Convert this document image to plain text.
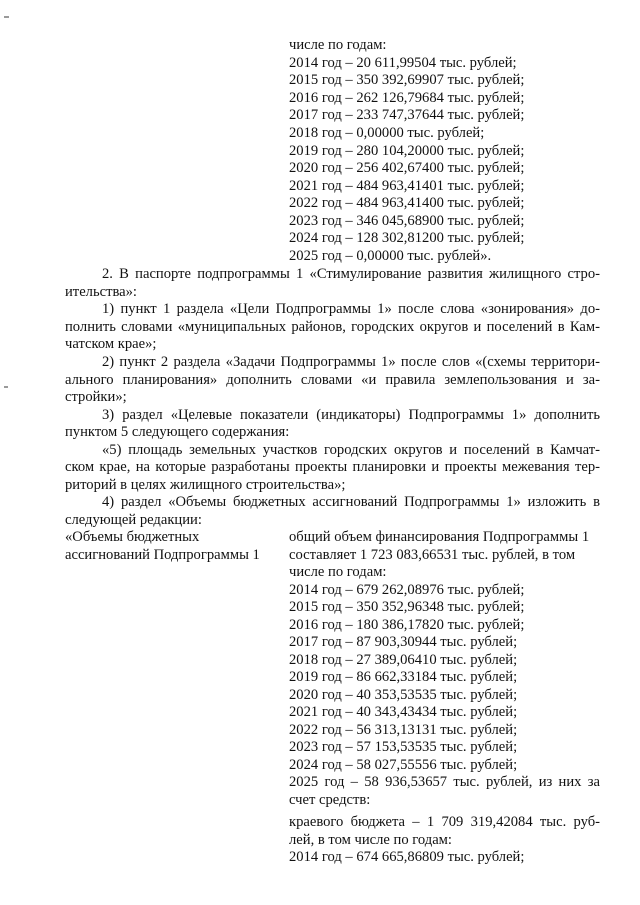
числе по годам:
2014 год – 20 611,99504 тыс. рублей;
2015 год – 350 392,69907 тыс. рублей;
2016 год – 262 126,79684 тыс. рублей;
2017 год – 233 747,37644 тыс. рублей;
2018 год – 0,00000 тыс. рублей;
2019 год – 280 104,20000 тыс. рублей;
2020 год – 256 402,67400 тыс. рублей;
2021 год – 484 963,41401 тыс. рублей;
2022 год – 484 963,41400 тыс. рублей;
2023 год – 346 045,68900 тыс. рублей;
2024 год – 128 302,81200 тыс. рублей;
2025 год – 0,00000 тыс. рублей».
2. В паспорте подпрограммы 1 «Стимулирование развития жилищного стро-
ительства»:
1) пункт 1 раздела «Цели Подпрограммы 1» после слова «зонирования» до-
полнить словами «муниципальных районов, городских округов и поселений в Кам-
чатском крае»;
2) пункт 2 раздела «Задачи Подпрограммы 1» после слов «(схемы территори-
ального планирования» дополнить словами «и правила землепользования и за-
стройки»;
3) раздел «Целевые показатели (индикаторы) Подпрограммы 1» дополнить
пунктом 5 следующего содержания:
«5) площадь земельных участков городских округов и поселений в Камчат-
ском крае, на которые разработаны проекты планировки и проекты межевания тер-
риторий в целях жилищного строительства»;
4) раздел «Объемы бюджетных ассигнований Подпрограммы 1» изложить в
следующей редакции:
«Объемы бюджетных
ассигнований Подпрограммы 1
общий объем финансирования Подпрограммы 1
составляет 1 723 083,66531 тыс. рублей, в том
числе по годам:
2014 год – 679 262,08976 тыс. рублей;
2015 год – 350 352,96348 тыс. рублей;
2016 год – 180 386,17820 тыс. рублей;
2017 год – 87 903,30944 тыс. рублей;
2018 год – 27 389,06410 тыс. рублей;
2019 год – 86 662,33184 тыс. рублей;
2020 год – 40 353,53535 тыс. рублей;
2021 год – 40 343,43434 тыс. рублей;
2022 год – 56 313,13131 тыс. рублей;
2023 год – 57 153,53535 тыс. рублей;
2024 год – 58 027,55556 тыс. рублей;
2025 год – 58 936,53657 тыс. рублей, из них за
счет средств:
краевого бюджета – 1 709 319,42084 тыс. руб-
лей, в том числе по годам:
2014 год – 674 665,86809 тыс. рублей;
